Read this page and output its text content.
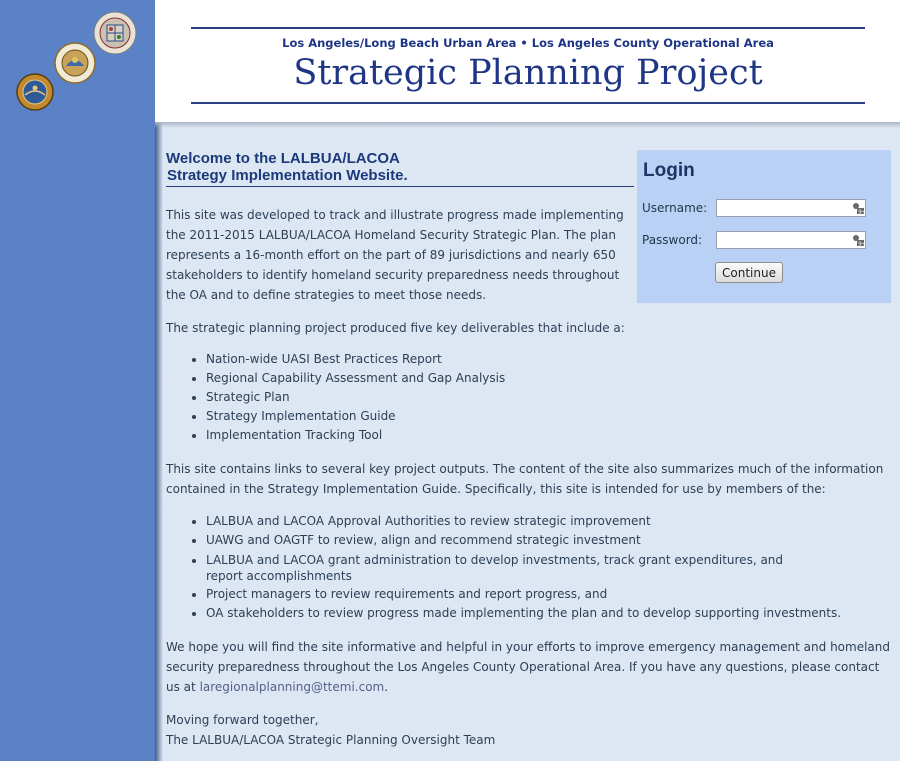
Los Angeles/Long Beach Urban Area • Los Angeles County Operational Area
Strategic Planning Project
Welcome to the LALBUA/LACOA
Strategy Implementation Website.

This site was developed to track and illustrate progress made implementing the 2011-2015 LALBUA/LACOA Homeland Security Strategic Plan. The plan represents a 16-month effort on the part of 89 jurisdictions and nearly 650 stakeholders to identify homeland security preparedness needs throughout the OA and to define strategies to meet those needs.

The strategic planning project produced five key deliverables that include a:

• Nation-wide UASI Best Practices Report
• Regional Capability Assessment and Gap Analysis
• Strategic Plan
• Strategy Implementation Guide
• Implementation Tracking Tool

This site contains links to several key project outputs. The content of the site also summarizes much of the information contained in the Strategy Implementation Guide. Specifically, this site is intended for use by members of the:

• LALBUA and LACOA Approval Authorities to review strategic improvement
• UAWG and OAGTF to review, align and recommend strategic investment
• LALBUA and LACOA grant administration to develop investments, track grant expenditures, and report accomplishments
• Project managers to review requirements and report progress, and
• OA stakeholders to review progress made implementing the plan and to develop supporting investments.

We hope you will find the site informative and helpful in your efforts to improve emergency management and homeland security preparedness throughout the Los Angeles County Operational Area. If you have any questions, please contact us at laregionalplanning@ttemi.com.

Moving forward together,
The LALBUA/LACOA Strategic Planning Oversight Team

Login
Username:	9+
Password:	9+
Continue
